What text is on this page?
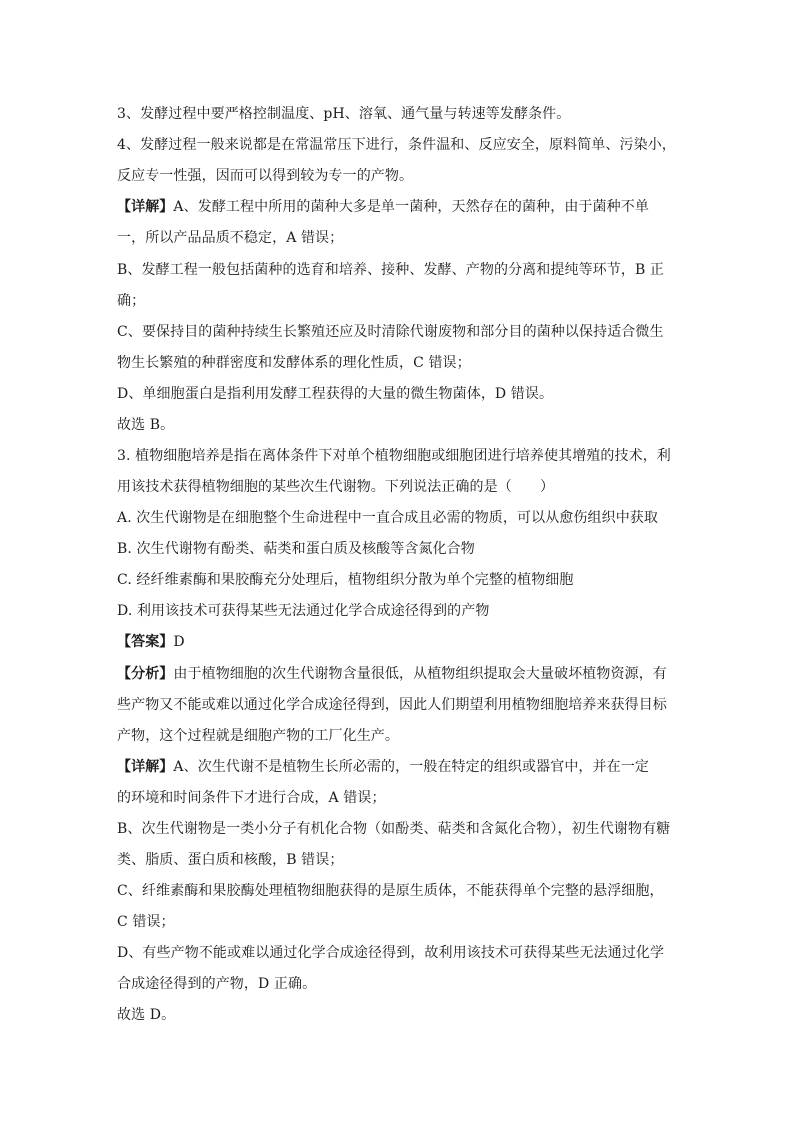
3、发酵过程中要严格控制温度、pH、溶氧、通气量与转速等发酵条件。
4、发酵过程一般来说都是在常温常压下进行，条件温和、反应安全，原料简单、污染小，
反应专一性强，因而可以得到较为专一的产物。
【详解】A、发酵工程中所用的菌种大多是单一菌种，天然存在的菌种，由于菌种不单
一，所以产品品质不稳定，A 错误；
B、发酵工程一般包括菌种的选育和培养、接种、发酵、产物的分离和提纯等环节，B 正
确；
C、要保持目的菌种持续生长繁殖还应及时清除代谢废物和部分目的菌种以保持适合微生
物生长繁殖的种群密度和发酵体系的理化性质，C 错误；
D、单细胞蛋白是指利用发酵工程获得的大量的微生物菌体，D 错误。
故选 B。
3. 植物细胞培养是指在离体条件下对单个植物细胞或细胞团进行培养使其增殖的技术，利
用该技术获得植物细胞的某些次生代谢物。下列说法正确的是（　　）
A. 次生代谢物是在细胞整个生命进程中一直合成且必需的物质，可以从愈伤组织中获取
B. 次生代谢物有酚类、萜类和蛋白质及核酸等含氮化合物
C. 经纤维素酶和果胶酶充分处理后，植物组织分散为单个完整的植物细胞
D. 利用该技术可获得某些无法通过化学合成途径得到的产物
【答案】D
【分析】由于植物细胞的次生代谢物含量很低，从植物组织提取会大量破坏植物资源，有
些产物又不能或难以通过化学合成途径得到，因此人们期望利用植物细胞培养来获得目标
产物，这个过程就是细胞产物的工厂化生产。
【详解】A、次生代谢不是植物生长所必需的，一般在特定的组织或器官中，并在一定
的环境和时间条件下才进行合成，A 错误；
B、次生代谢物是一类小分子有机化合物（如酚类、萜类和含氮化合物），初生代谢物有糖
类、脂质、蛋白质和核酸，B 错误；
C、纤维素酶和果胶酶处理植物细胞获得的是原生质体，不能获得单个完整的悬浮细胞，
C 错误；
D、有些产物不能或难以通过化学合成途径得到，故利用该技术可获得某些无法通过化学
合成途径得到的产物，D 正确。
故选 D。
